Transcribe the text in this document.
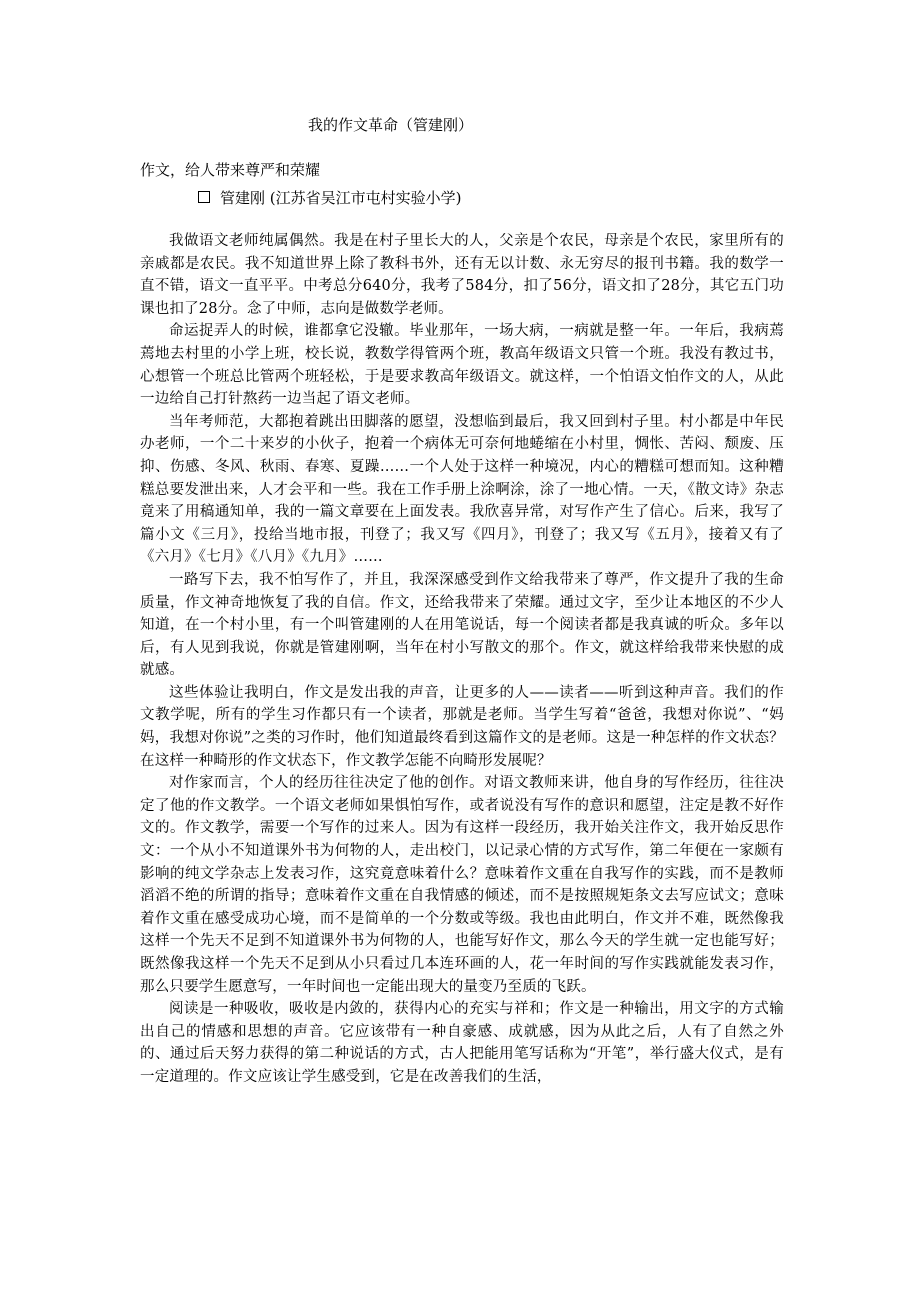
我的作文革命（管建刚）

作文，给人带来尊严和荣耀

管建刚 (江苏省吴江市屯村实验小学)

我做语文老师纯属偶然。我是在村子里长大的人，父亲是个农民，母亲是个农民，家里所有的亲戚都是农民。我不知道世界上除了教科书外，还有无以计数、永无穷尽的报刊书籍。我的数学一直不错，语文一直平平。中考总分640分，我考了584分，扣了56分，语文扣了28分，其它五门功课也扣了28分。念了中师，志向是做数学老师。

命运捉弄人的时候，谁都拿它没辙。毕业那年，一场大病，一病就是整一年。一年后，我病蔫蔫地去村里的小学上班，校长说，教数学得管两个班，教高年级语文只管一个班。我没有教过书，心想管一个班总比管两个班轻松，于是要求教高年级语文。就这样，一个怕语文怕作文的人，从此一边给自己打针熬药一边当起了语文老师。

当年考师范，大都抱着跳出田脚落的愿望，没想临到最后，我又回到村子里。村小都是中年民办老师，一个二十来岁的小伙子，抱着一个病体无可奈何地蜷缩在小村里，惆怅、苦闷、颓废、压抑、伤感、冬风、秋雨、春寒、夏躁……一个人处于这样一种境况，内心的糟糕可想而知。这种糟糕总要发泄出来，人才会平和一些。我在工作手册上涂啊涂，涂了一地心情。一天，《散文诗》杂志竟来了用稿通知单，我的一篇文章要在上面发表。我欣喜异常，对写作产生了信心。后来，我写了篇小文《三月》，投给当地市报，刊登了；我又写《四月》，刊登了；我又写《五月》，接着又有了《六月》《七月》《八月》《九月》……

一路写下去，我不怕写作了，并且，我深深感受到作文给我带来了尊严，作文提升了我的生命质量，作文神奇地恢复了我的自信。作文，还给我带来了荣耀。通过文字，至少让本地区的不少人知道，在一个村小里，有一个叫管建刚的人在用笔说话，每一个阅读者都是我真诚的听众。多年以后，有人见到我说，你就是管建刚啊，当年在村小写散文的那个。作文，就这样给我带来快慰的成就感。

这些体验让我明白，作文是发出我的声音，让更多的人——读者——听到这种声音。我们的作文教学呢，所有的学生习作都只有一个读者，那就是老师。当学生写着“爸爸，我想对你说”、“妈妈，我想对你说”之类的习作时，他们知道最终看到这篇作文的是老师。这是一种怎样的作文状态？在这样一种畸形的作文状态下，作文教学怎能不向畸形发展呢？

对作家而言，个人的经历往往决定了他的创作。对语文教师来讲，他自身的写作经历，往往决定了他的作文教学。一个语文老师如果惧怕写作，或者说没有写作的意识和愿望，注定是教不好作文的。作文教学，需要一个写作的过来人。因为有这样一段经历，我开始关注作文，我开始反思作文：一个从小不知道课外书为何物的人，走出校门，以记录心情的方式写作，第二年便在一家颇有影响的纯文学杂志上发表习作，这究竟意味着什么？意味着作文重在自我写作的实践，而不是教师滔滔不绝的所谓的指导；意味着作文重在自我情感的倾述，而不是按照规矩条文去写应试文；意味着作文重在感受成功心境，而不是简单的一个分数或等级。我也由此明白，作文并不难，既然像我这样一个先天不足到不知道课外书为何物的人，也能写好作文，那么今天的学生就一定也能写好；既然像我这样一个先天不足到从小只看过几本连环画的人，花一年时间的写作实践就能发表习作，那么只要学生愿意写，一年时间也一定能出现大的量变乃至质的飞跃。

阅读是一种吸收，吸收是内敛的，获得内心的充实与祥和；作文是一种输出，用文字的方式输出自己的情感和思想的声音。它应该带有一种自豪感、成就感，因为从此之后，人有了自然之外的、通过后天努力获得的第二种说话的方式，古人把能用笔写话称为“开笔”，举行盛大仪式，是有一定道理的。作文应该让学生感受到，它是在改善我们的生活，
